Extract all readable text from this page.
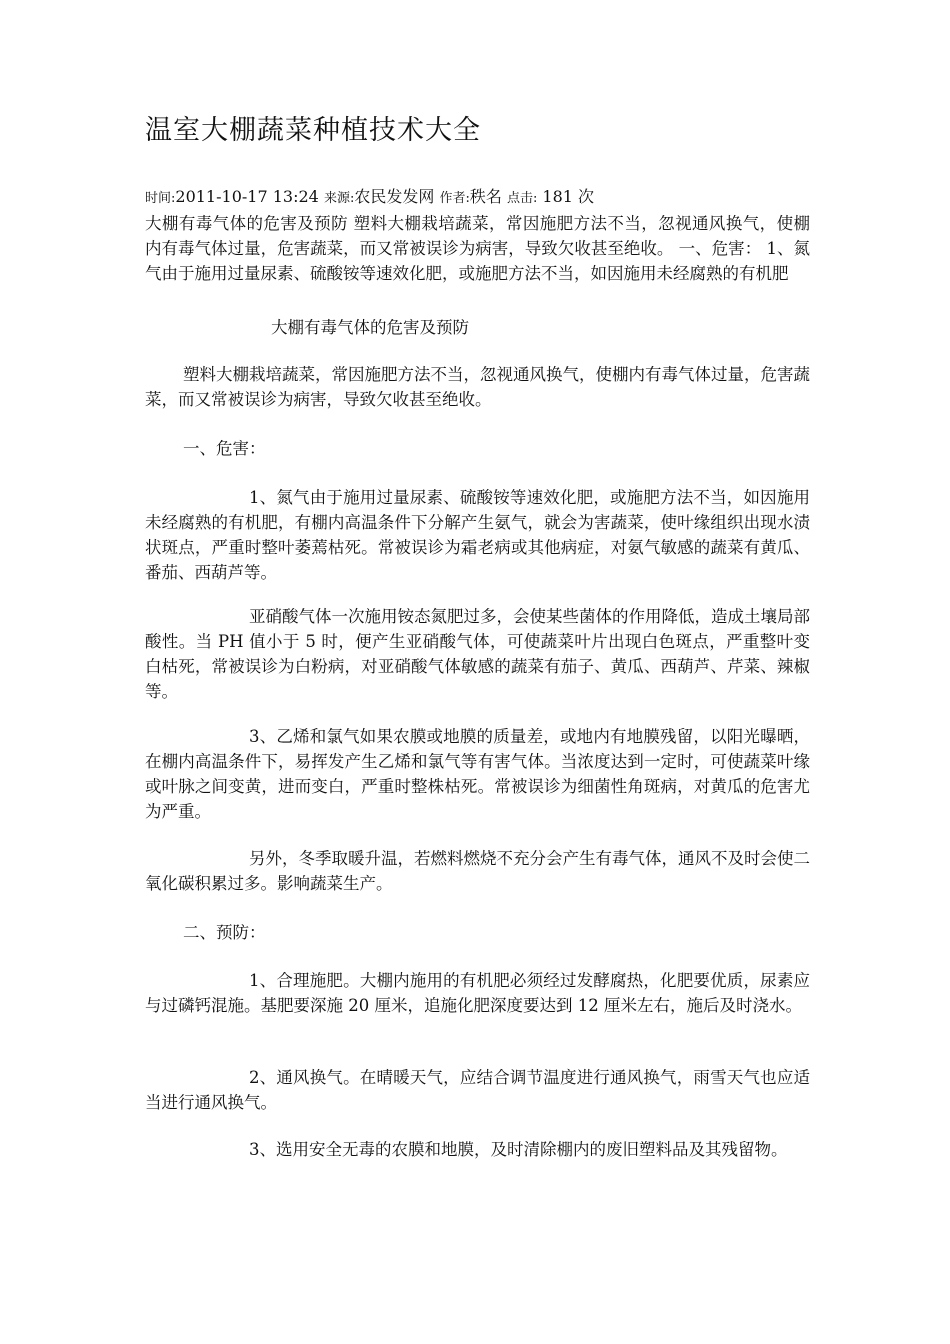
温室大棚蔬菜种植技术大全
时间:2011-10-17 13:24 来源:农民发发网 作者:秩名 点击: 181 次

大棚有毒气体的危害及预防 塑料大棚栽培蔬菜，常因施肥方法不当，忽视通风换气，使棚内有毒气体过量，危害蔬菜，而又常被误诊为病害，导致欠收甚至绝收。 一、危害： 1、氮气由于施用过量尿素、硫酸铵等速效化肥，或施肥方法不当，如因施用未经腐熟的有机肥

大棚有毒气体的危害及预防

塑料大棚栽培蔬菜，常因施肥方法不当，忽视通风换气，使棚内有毒气体过量，危害蔬菜，而又常被误诊为病害，导致欠收甚至绝收。

一、危害：

1、氮气由于施用过量尿素、硫酸铵等速效化肥，或施肥方法不当，如因施用未经腐熟的有机肥，有棚内高温条件下分解产生氨气，就会为害蔬菜，使叶缘组织出现水渍状斑点，严重时整叶萎蔫枯死。常被误诊为霜老病或其他病症，对氨气敏感的蔬菜有黄瓜、番茄、西葫芦等。

亚硝酸气体一次施用铵态氮肥过多，会使某些菌体的作用降低，造成土壤局部酸性。当 PH 值小于 5 时，便产生亚硝酸气体，可使蔬菜叶片出现白色斑点，严重整叶变白枯死，常被误诊为白粉病，对亚硝酸气体敏感的蔬菜有茄子、黄瓜、西葫芦、芹菜、辣椒等。

3、乙烯和氯气如果农膜或地膜的质量差，或地内有地膜残留，以阳光曝晒，在棚内高温条件下，易挥发产生乙烯和氯气等有害气体。当浓度达到一定时，可使蔬菜叶缘或叶脉之间变黄，进而变白，严重时整株枯死。常被误诊为细菌性角斑病，对黄瓜的危害尤为严重。

另外，冬季取暖升温，若燃料燃烧不充分会产生有毒气体，通风不及时会使二氧化碳积累过多。影响蔬菜生产。

二、预防：

1、合理施肥。大棚内施用的有机肥必须经过发酵腐热，化肥要优质，尿素应与过磷钙混施。基肥要深施 20 厘米，追施化肥深度要达到 12 厘米左右，施后及时浇水。

2、通风换气。在晴暖天气，应结合调节温度进行通风换气，雨雪天气也应适当进行通风换气。

3、选用安全无毒的农膜和地膜，及时清除棚内的废旧塑料品及其残留物。
